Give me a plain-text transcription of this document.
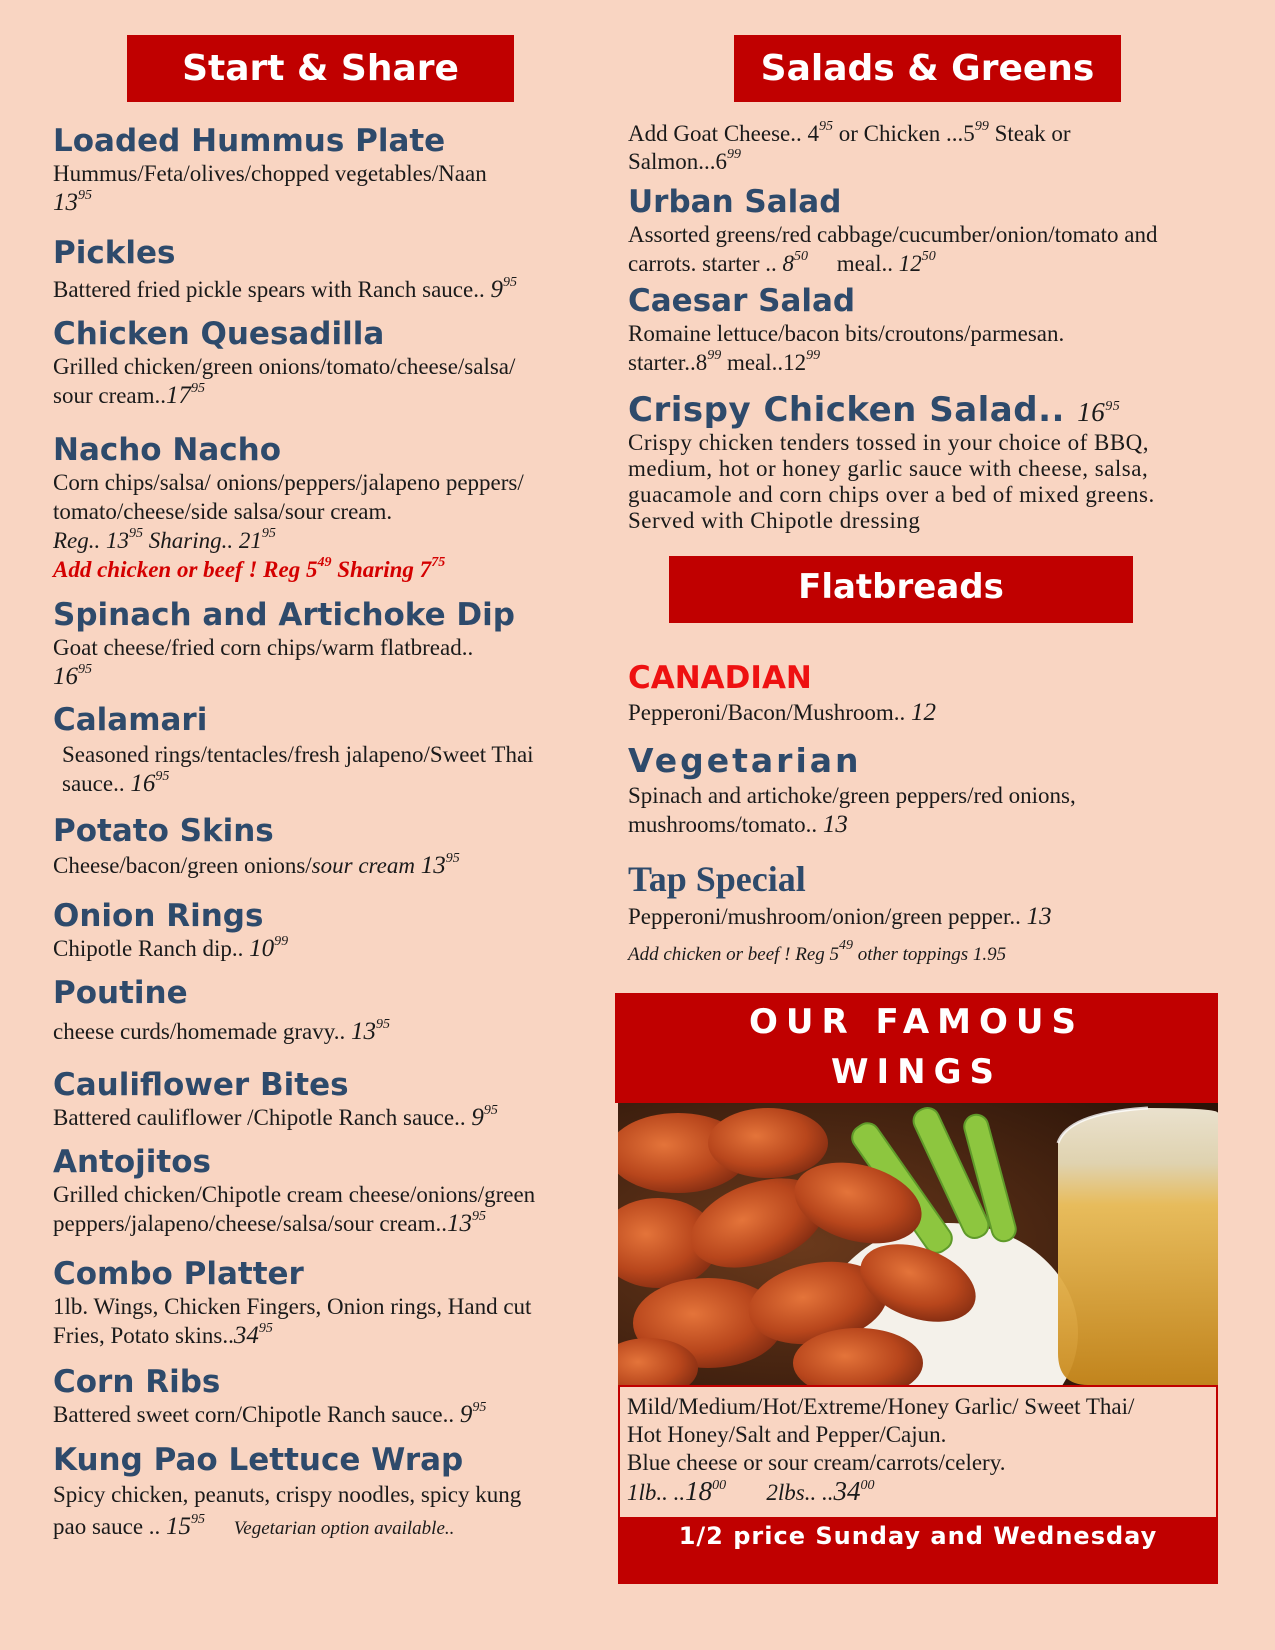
Start & Share	Salads & Greens
Flatbreads
Loaded Hummus Plate
Hummus/Feta/olives/chopped vegetables/Naan
$13^{95}$
Pickles
Battered fried pickle spears with Ranch sauce.. $9^{95}$
Chicken Quesadilla
Grilled chicken/green onions/tomato/cheese/salsa/
sour cream..17$^{95}$
Nacho Nacho
Corn chips/salsa/ onions/peppers/jalapeno peppers/
tomato/cheese/side salsa/sour cream.
Reg.. $13^{95}$ Sharing.. $21^{95}$
Add chicken or beef ! Reg $5^{49}$ Sharing $7^{75}$
Spinach and Artichoke Dip
Goat cheese/fried corn chips/warm flatbread..
$16^{95}$
Calamari
Seasoned rings/tentacles/fresh jalapeno/Sweet Thai
sauce.. $16^{95}$
Potato Skins
Cheese/bacon/green onions/sour cream $13^{95}$
Onion Rings
Chipotle Ranch dip.. $10^{99}$
Poutine
cheese curds/homemade gravy.. $13^{95}$
Cauliflower Bites
Battered cauliflower /Chipotle Ranch sauce.. $9^{95}$
Antojitos
Grilled chicken/Chipotle cream cheese/onions/green
peppers/jalapeno/cheese/salsa/sour cream..13$^{95}$
Combo Platter
1lb. Wings, Chicken Fingers, Onion rings, Hand cut
Fries, Potato skins..34$^{95}$
Corn Ribs
Battered sweet corn/Chipotle Ranch sauce.. $9^{95}$
Kung Pao Lettuce Wrap
Spicy chicken, peanuts, crispy noodles, spicy kung
pao sauce .. $15^{95}$ Vegetarian option available..
Add Goat Cheese.. $4^{95}$ or Chicken ...5$^{99}$ Steak or
Salmon...6$^{99}$
Urban Salad
Assorted greens/red cabbage/cucumber/onion/tomato and
carrots. starter .. $8^{50}$ meal.. $12^{50}$
Caesar Salad
Romaine lettuce/bacon bits/croutons/parmesan.
$starter..8^{99}$ meal..12$^{99}$
Crispy Chicken Salad.. $16^{95}$
Crispy chicken tenders tossed in your choice of BBQ,
medium, hot or honey garlic sauce with cheese, salsa,
guacamole and corn chips over a bed of mixed greens.
Served with Chipotle dressing
CANADIAN
Pepperoni/Bacon/Mushroom.. 12
Vegetarian
Spinach and artichoke/green peppers/red onions,
mushrooms/tomato.. 13
Tap Special
Pepperoni/mushroom/onion/green pepper.. 13
Add chicken or beef ! Reg $5^{49}$ other toppings 1.95
OUR FAMOUS
WINGS
Mild/Medium/Hot/Extreme/Honey Garlic/ Sweet Thai/
Hot Honey/Salt and Pepper/Cajun.
Blue cheese or sour cream/carrots/celery.
1lb.. ..18$^{00}$ 2lbs.. ..34$^{00}$
1/2 price Sunday and Wednesday
